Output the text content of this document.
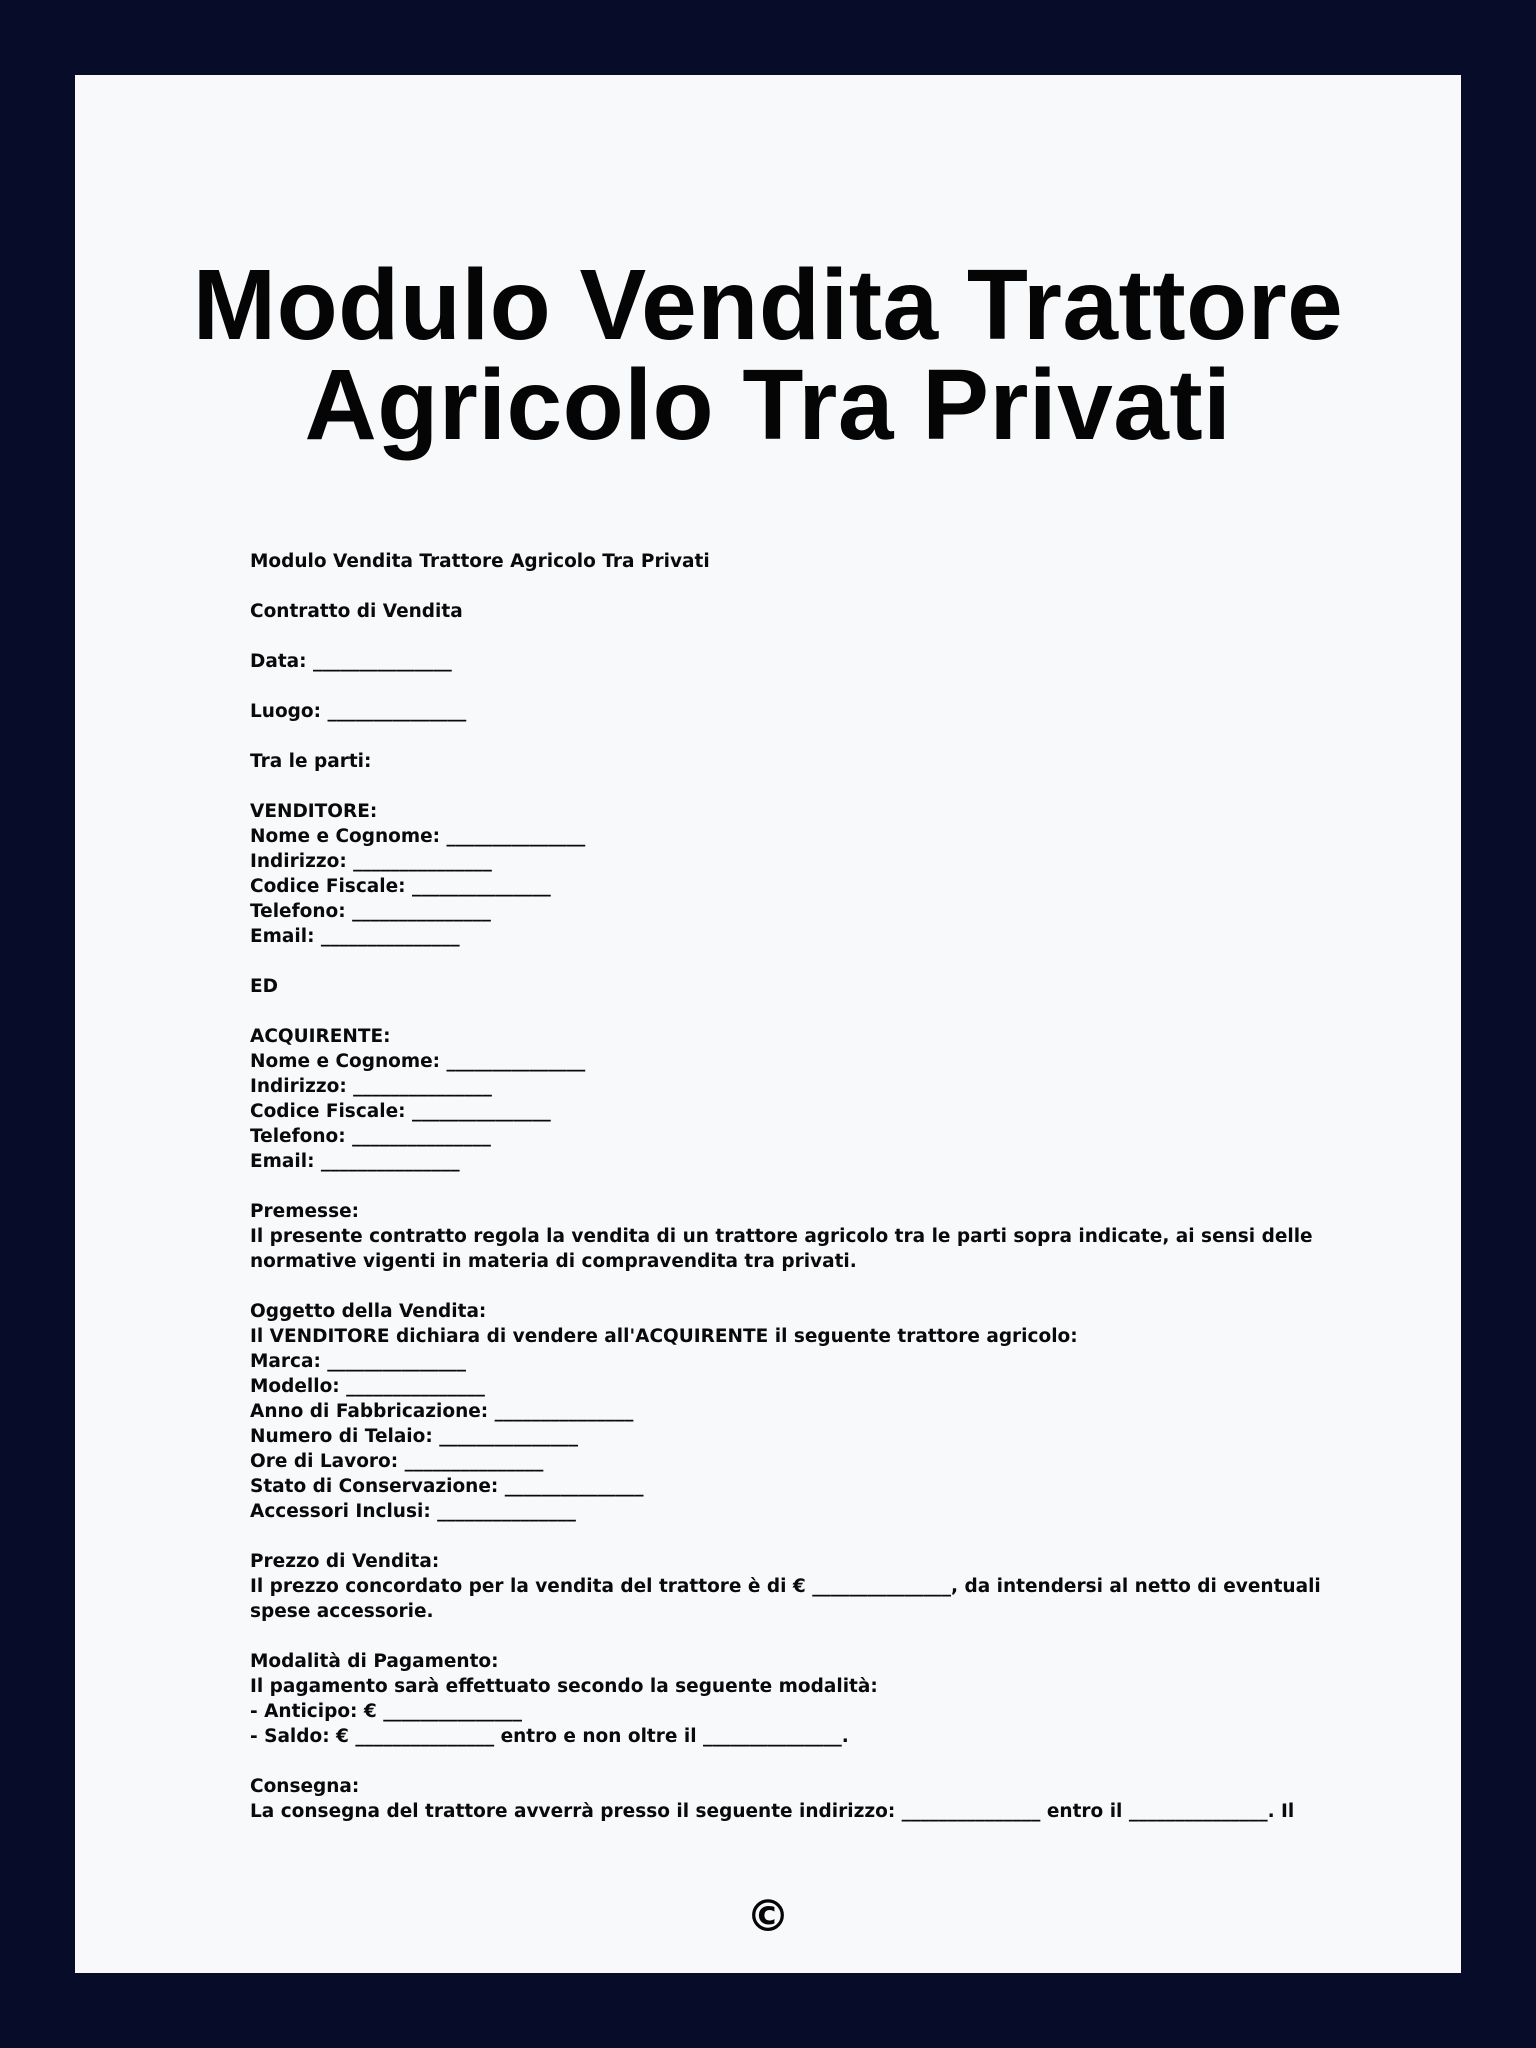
Modulo Vendita Trattore
Agricolo Tra Privati
Modulo Vendita Trattore Agricolo Tra Privati

Contratto di Vendita

Data: _______________

Luogo: _______________

Tra le parti:

VENDITORE:
Nome e Cognome: _______________
Indirizzo: _______________
Codice Fiscale: _______________
Telefono: _______________
Email: _______________

ED

ACQUIRENTE:
Nome e Cognome: _______________
Indirizzo: _______________
Codice Fiscale: _______________
Telefono: _______________
Email: _______________

Premesse:
Il presente contratto regola la vendita di un trattore agricolo tra le parti sopra indicate, ai sensi delle
normative vigenti in materia di compravendita tra privati.

Oggetto della Vendita:
Il VENDITORE dichiara di vendere all'ACQUIRENTE il seguente trattore agricolo:
Marca: _______________
Modello: _______________
Anno di Fabbricazione: _______________
Numero di Telaio: _______________
Ore di Lavoro: _______________
Stato di Conservazione: _______________
Accessori Inclusi: _______________

Prezzo di Vendita:
Il prezzo concordato per la vendita del trattore è di € _______________, da intendersi al netto di eventuali
spese accessorie.

Modalità di Pagamento:
Il pagamento sarà effettuato secondo la seguente modalità:
- Anticipo: € _______________
- Saldo: € _______________ entro e non oltre il _______________.

Consegna:
La consegna del trattore avverrà presso il seguente indirizzo: _______________ entro il _______________. Il
©
